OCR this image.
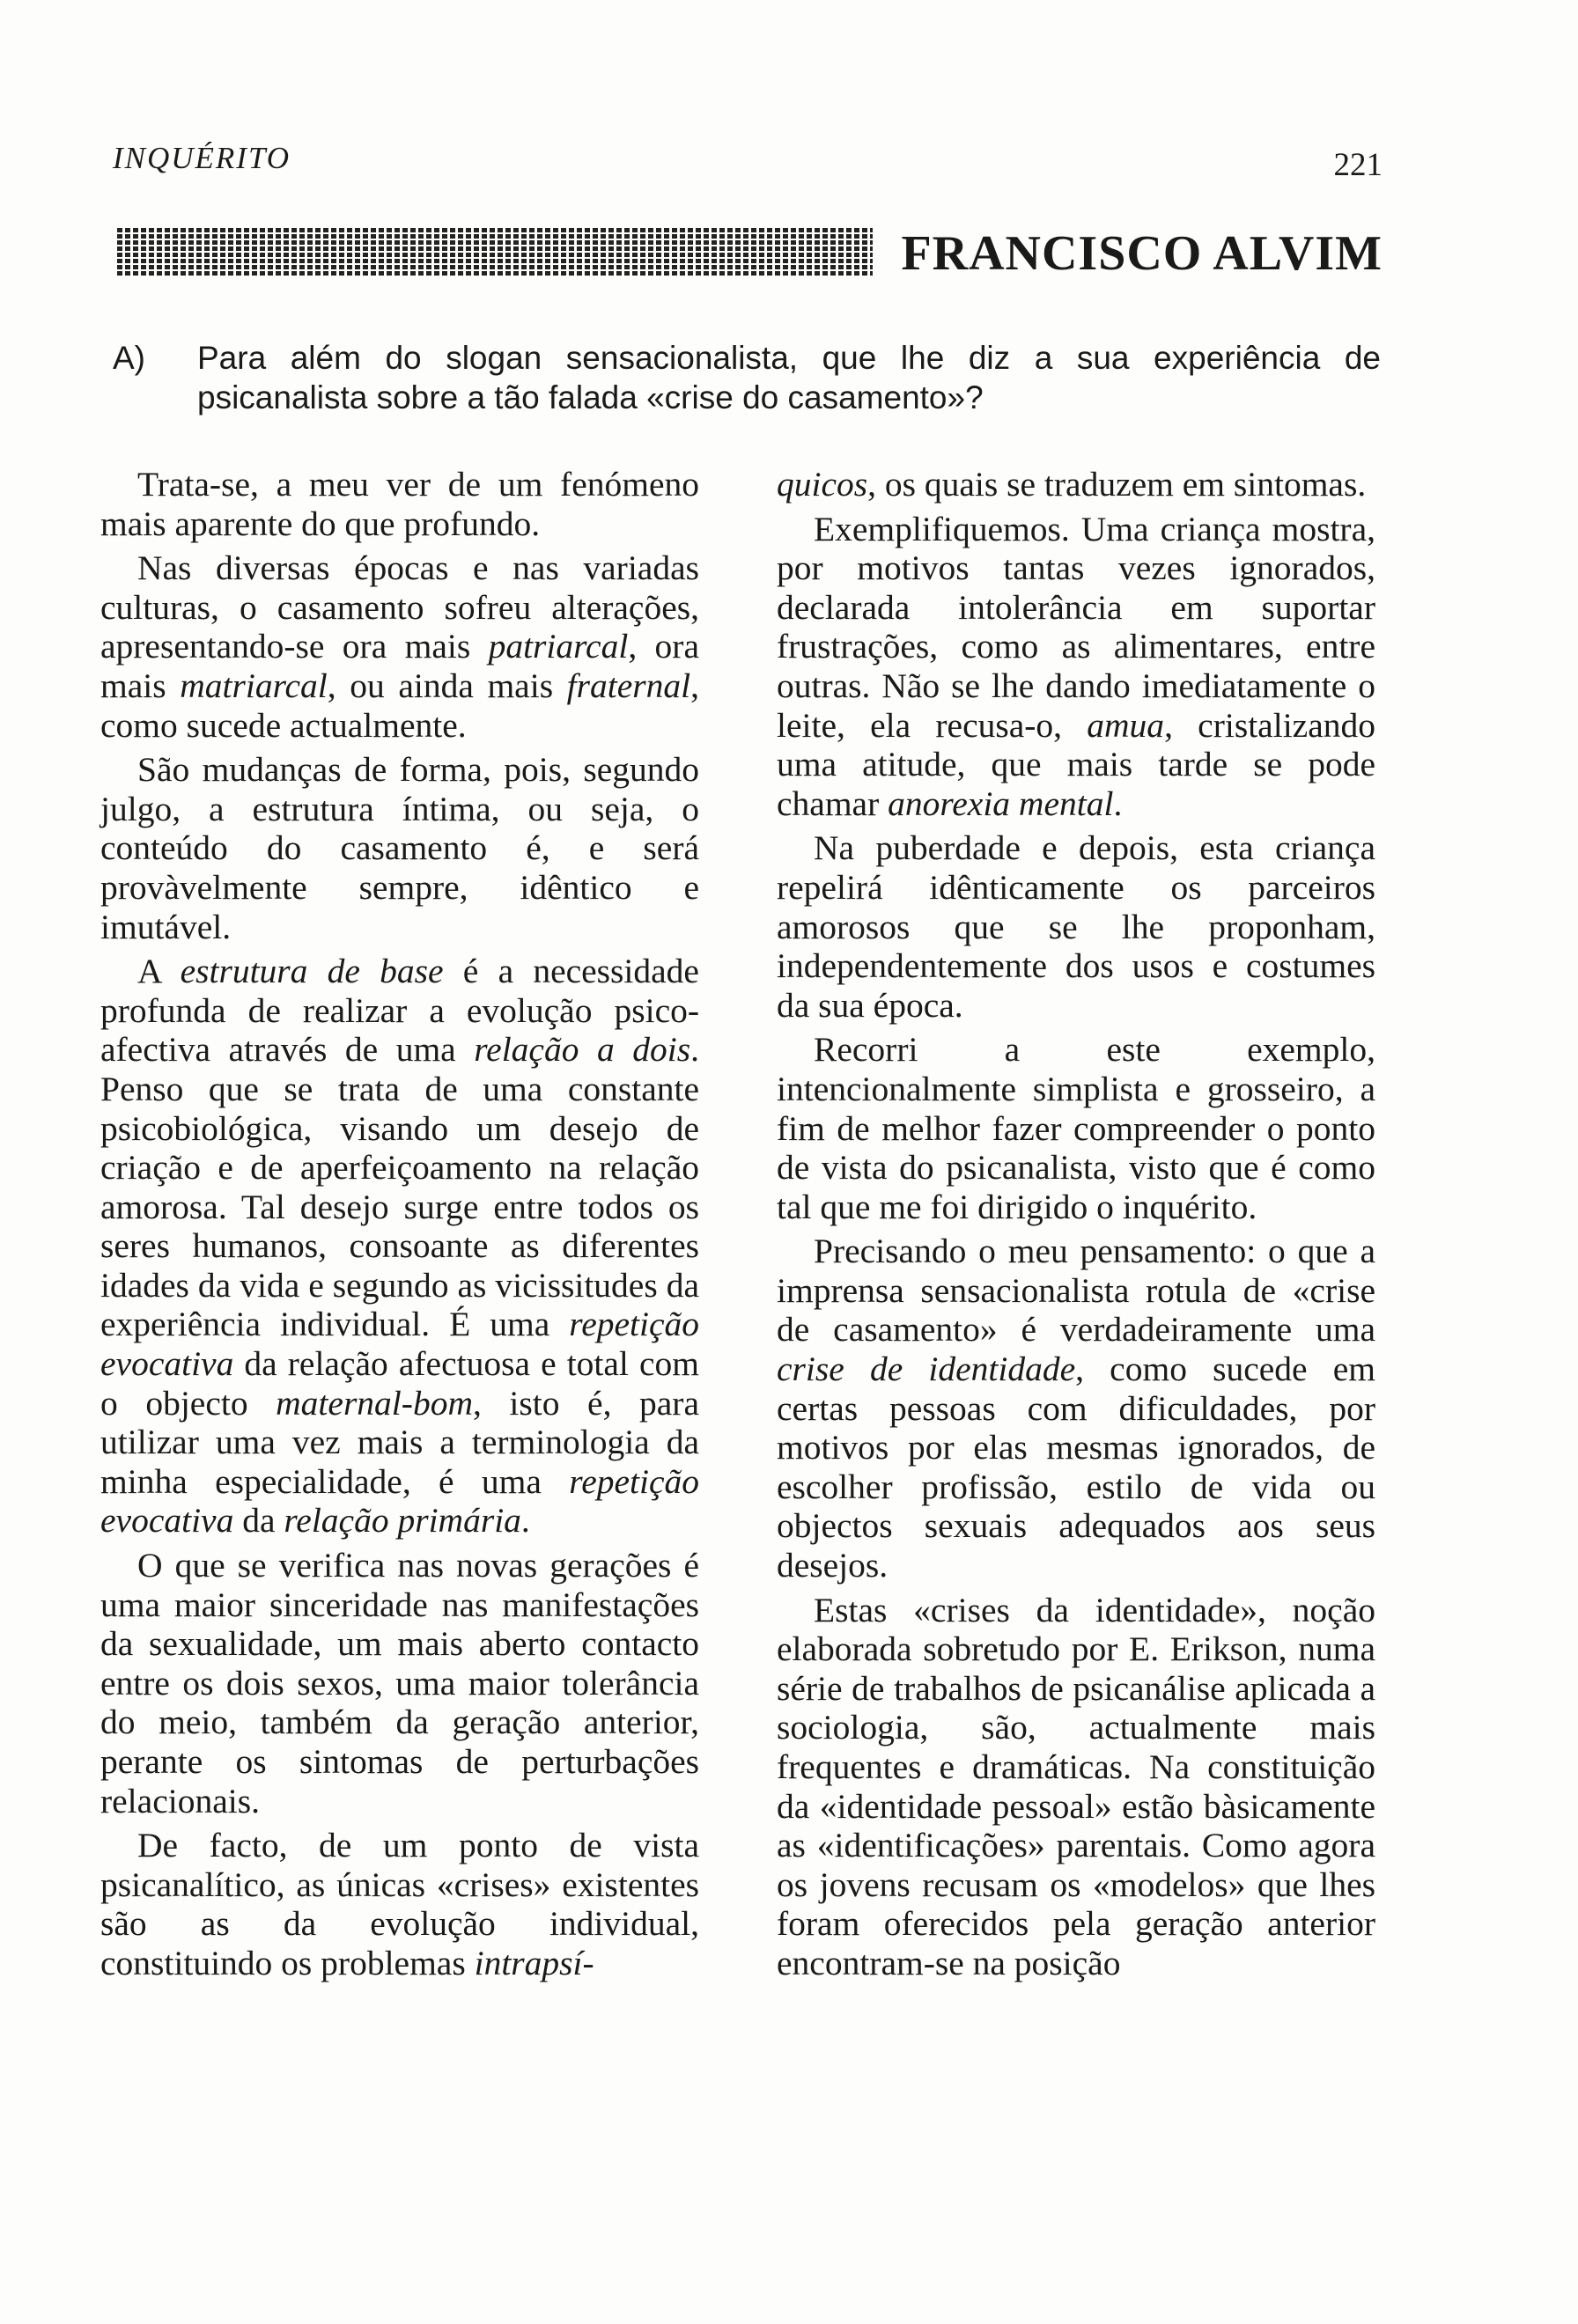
INQUÉRITO	221
FRANCISCO ALVIM
A) Para além do slogan sensacionalista, que lhe diz a sua experiência de psicanalista sobre a tão falada «crise do casamento»?

Trata-se, a meu ver de um fenómeno mais aparente do que profundo.

Nas diversas épocas e nas variadas culturas, o casamento sofreu alterações, apresentando-se ora mais patriarcal, ora mais matriarcal, ou ainda mais fraternal, como sucede actualmente.

São mudanças de forma, pois, segundo julgo, a estrutura íntima, ou seja, o conteúdo do casamento é, e será provàvelmente sempre, idêntico e imutável.

A estrutura de base é a necessidade profunda de realizar a evolução psico-afectiva através de uma relação a dois. Penso que se trata de uma constante psicobiológica, visando um desejo de criação e de aperfeiçoamento na relação amorosa. Tal desejo surge entre todos os seres humanos, consoante as diferentes idades da vida e segundo as vicissitudes da experiência individual. É uma repetição evocativa da relação afectuosa e total com o objecto maternal-bom, isto é, para utilizar uma vez mais a terminologia da minha especialidade, é uma repetição evocativa da relação primária.

O que se verifica nas novas gerações é uma maior sinceridade nas manifestações da sexualidade, um mais aberto contacto entre os dois sexos, uma maior tolerância do meio, também da geração anterior, perante os sintomas de perturbações relacionais.

De facto, de um ponto de vista psicanalítico, as únicas «crises» existentes são as da evolução individual, constituindo os problemas intrapsí-

quicos, os quais se traduzem em sintomas.

Exemplifiquemos. Uma criança mostra, por motivos tantas vezes ignorados, declarada intolerância em suportar frustrações, como as alimentares, entre outras. Não se lhe dando imediatamente o leite, ela recusa-o, amua, cristalizando uma atitude, que mais tarde se pode chamar anorexia mental.

Na puberdade e depois, esta criança repelirá idênticamente os parceiros amorosos que se lhe proponham, independentemente dos usos e costumes da sua época.

Recorri a este exemplo, intencionalmente simplista e grosseiro, a fim de melhor fazer compreender o ponto de vista do psicanalista, visto que é como tal que me foi dirigido o inquérito.

Precisando o meu pensamento: o que a imprensa sensacionalista rotula de «crise de casamento» é verdadeiramente uma crise de identidade, como sucede em certas pessoas com dificuldades, por motivos por elas mesmas ignorados, de escolher profissão, estilo de vida ou objectos sexuais adequados aos seus desejos.

Estas «crises da identidade», noção elaborada sobretudo por E. Erikson, numa série de trabalhos de psicanálise aplicada a sociologia, são, actualmente mais frequentes e dramáticas. Na constituição da «identidade pessoal» estão bàsicamente as «identificações» parentais. Como agora os jovens recusam os «modelos» que lhes foram oferecidos pela geração anterior encontram-se na posição
